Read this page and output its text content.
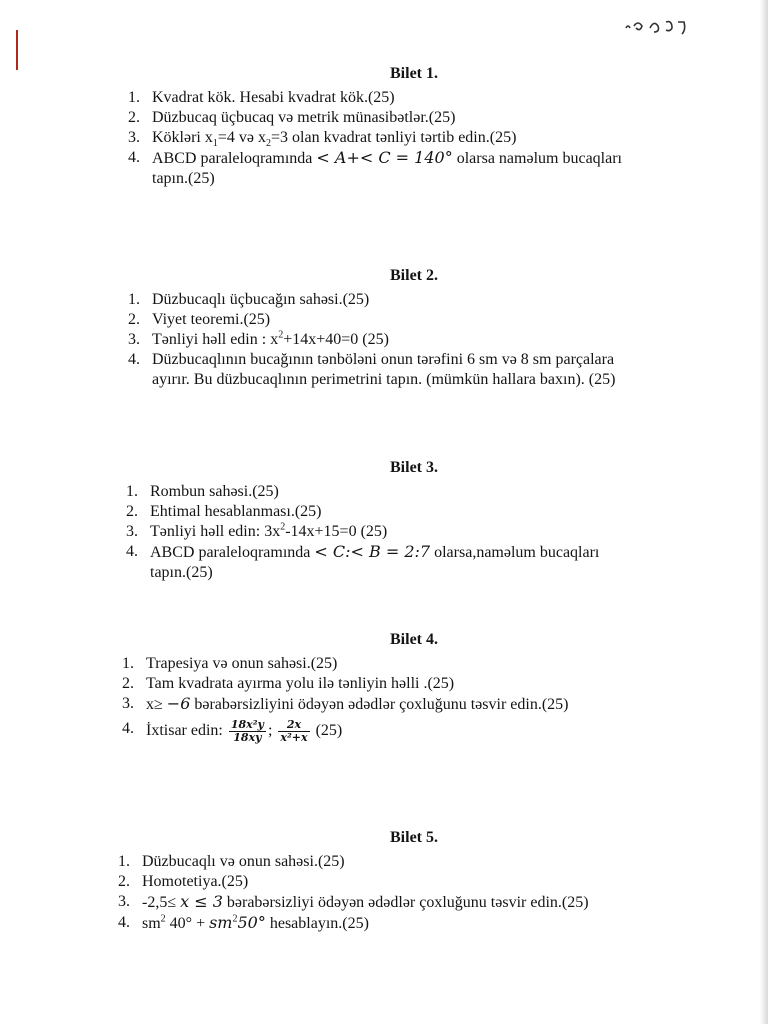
Bilet 1.
1. Kvadrat kök. Hesabi kvadrat kök.(25)
2. Düzbucaq üçbucaq və metrik münasibətlər.(25)
3. Kökləri $x_1=4$ və $x_2=3$ olan kvadrat tənliyi tərtib edin.(25)
4. ABCD paraleloqramında < A+< C = 140° olarsa naməlum bucaqları
tapın.(25)
Bilet 2.
1. Düzbucaqlı üçbucağın sahəsi.(25)
2. Viyet teoremi.(25)
3. Tənliyi həll edin : $x^2+14x+40=0$ (25)
4. Düzbucaqlının bucağının tənböləni onun tərəfini 6 sm və 8 sm parçalara
ayırır. Bu düzbucaqlının perimetrini tapın. (mümkün hallara baxın). (25)
Bilet 3.
1. Rombun sahəsi.(25)
2. Ehtimal hesablanması.(25)
3. Tənliyi həll edin: $3x^2-14x+15=0$ (25)
4. ABCD paraleloqramında < C:< B = 2:7 olarsa,naməlum bucaqları
tapın.(25)
Bilet 4.
1. Trapesiya və onun sahəsi.(25)
2. Tam kvadrata ayırma yolu ilə tənliyin həlli .(25)
3. x≥ −6 bərabərsizliyini ödəyən ədədlər çoxluğunu təsvir edin.(25)
4. İxtisar edin: $\frac{\text{18x²y}}{18xy}$ ; $\frac{2x}{\text{x²+x}} (25)$
Bilet 5.
1. Düzbucaqlı və onun sahəsi.(25)
2. Homotetiya.(25)
3. -2,5≤ x ≤ 3 bərabərsizliyi ödəyən ədədlər çoxluğunu təsvir edin.(25)
4. $sm^2$ $40^\circ + sm^250^\circ$ hesablayın.(25)
